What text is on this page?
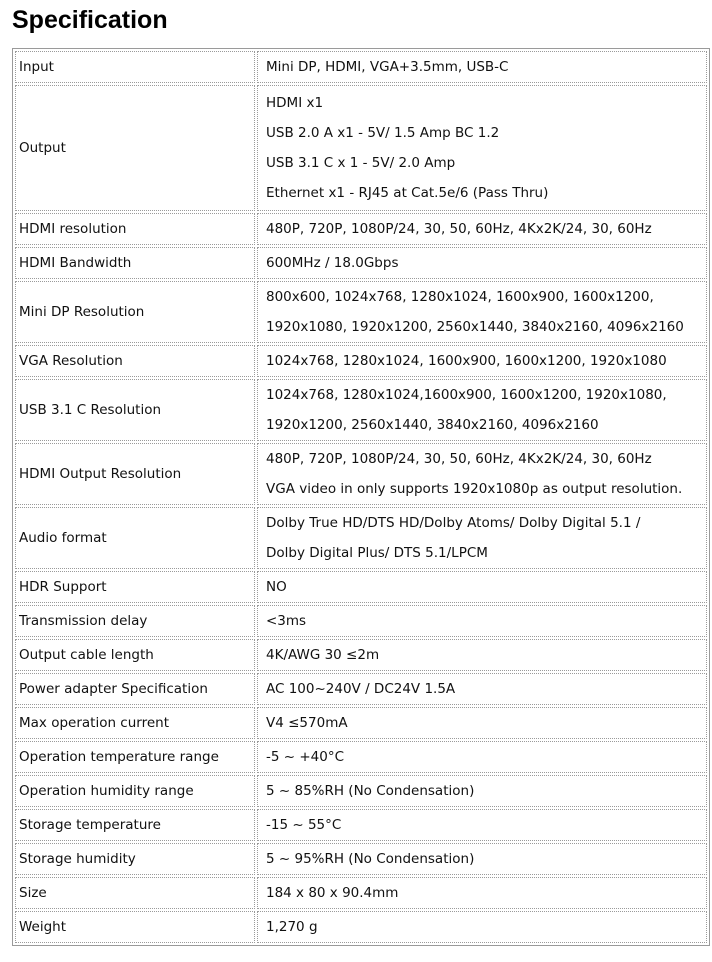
Specification
Input	Mini DP, HDMI, VGA+3.5mm, USB-C

Output	HDMI x1
USB 2.0 A x1 - 5V/ 1.5 Amp BC 1.2
USB 3.1 C x 1 - 5V/ 2.0 Amp
Ethernet x1 - RJ45 at Cat.5e/6 (Pass Thru)

HDMI resolution	480P, 720P, 1080P/24, 30, 50, 60Hz, 4Kx2K/24, 30, 60Hz

HDMI Bandwidth	600MHz / 18.0Gbps

Mini DP Resolution	800x600, 1024x768, 1280x1024, 1600x900, 1600x1200,
1920x1080, 1920x1200, 2560x1440, 3840x2160, 4096x2160

VGA Resolution	1024x768, 1280x1024, 1600x900, 1600x1200, 1920x1080

USB 3.1 C Resolution	1024x768, 1280x1024,1600x900, 1600x1200, 1920x1080,
1920x1200, 2560x1440, 3840x2160, 4096x2160

HDMI Output Resolution	480P, 720P, 1080P/24, 30, 50, 60Hz, 4Kx2K/24, 30, 60Hz
VGA video in only supports 1920x1080p as output resolution.

Audio format	Dolby True HD/DTS HD/Dolby Atoms/ Dolby Digital 5.1 /
Dolby Digital Plus/ DTS 5.1/LPCM

HDR Support	NO

Transmission delay	<3ms

Output cable length	4K/AWG 30 ≤2m

Power adapter Specification	AC 100~240V / DC24V 1.5A

Max operation current	V4 ≤570mA

Operation temperature range	-5 ~ +40°C

Operation humidity range	5 ~ 85%RH (No Condensation)

Storage temperature	-15 ~ 55°C

Storage humidity	5 ~ 95%RH (No Condensation)

Size	184 x 80 x 90.4mm

Weight	1,270 g
